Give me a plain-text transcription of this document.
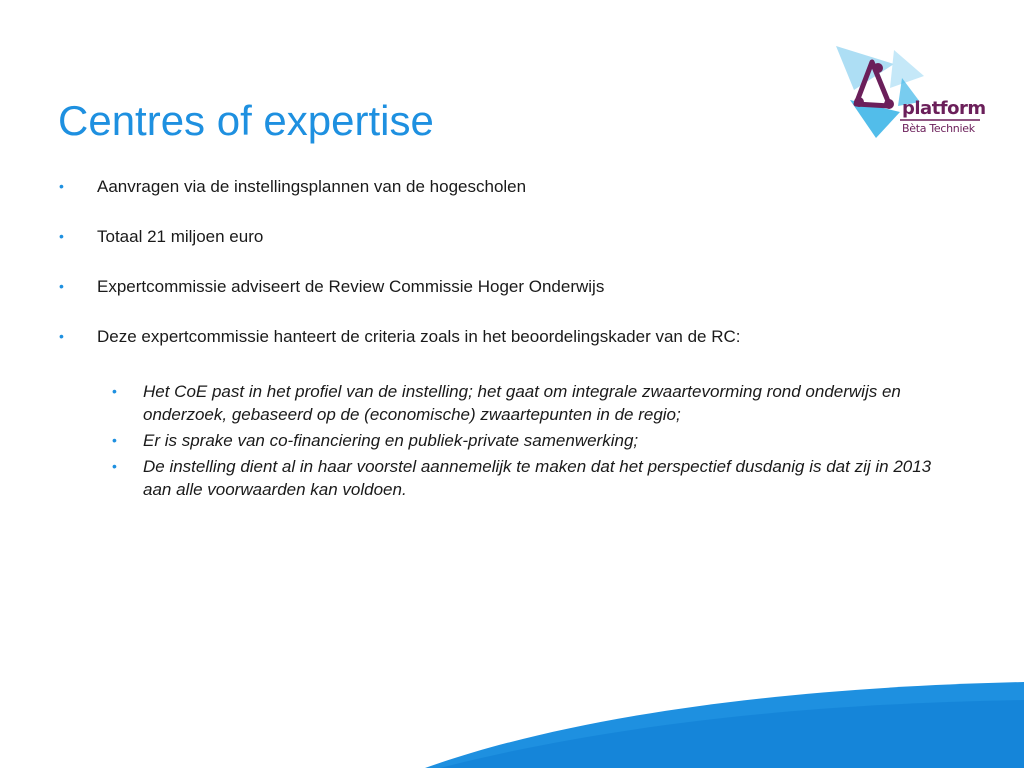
Centres of expertise
• Aanvragen via de instellingsplannen van de hogescholen
• Totaal 21 miljoen euro
• Expertcommissie adviseert de Review Commissie Hoger Onderwijs
• Deze expertcommissie hanteert de criteria zoals in het beoordelingskader van de RC:
• Het CoE past in het profiel van de instelling; het gaat om integrale zwaartevorming rond onderwijs en onderzoek, gebaseerd op de (economische) zwaartepunten in de regio;
• Er is sprake van co-financiering en publiek-private samenwerking;
• De instelling dient al in haar voorstel aannemelijk te maken dat het perspectief dusdanig is dat zij in 2013 aan alle voorwaarden kan voldoen.
platform
Bèta Techniek
